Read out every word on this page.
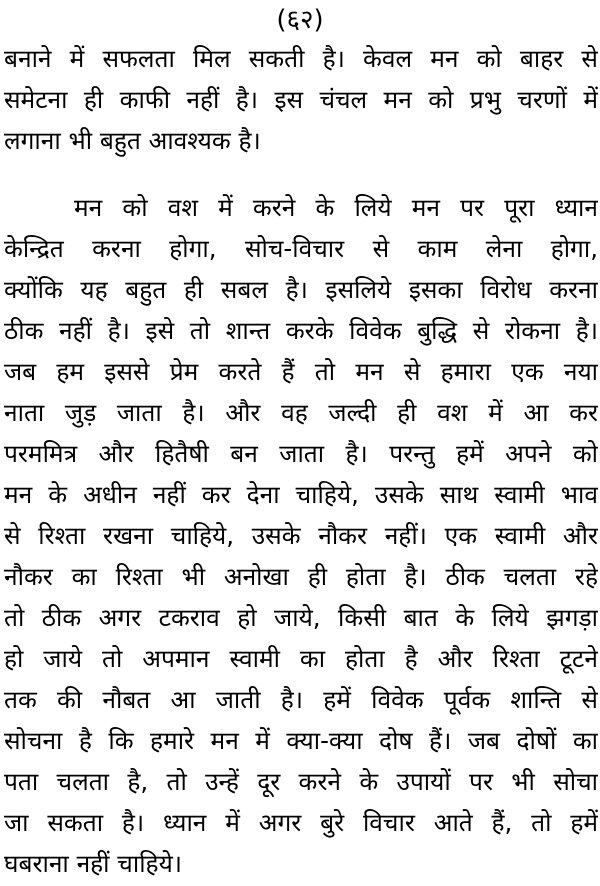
(६२)
बनाने में सफलता मिल सकती है। केवल मन को बाहर से
समेटना ही काफी नहीं है। इस चंचल मन को प्रभु चरणों में
लगाना भी बहुत आवश्यक है।
मन को वश में करने के लिये मन पर पूरा ध्यान
केन्द्रित करना होगा, सोच-विचार से काम लेना होगा,
क्योंकि यह बहुत ही सबल है। इसलिये इसका विरोध करना
ठीक नहीं है। इसे तो शान्त करके विवेक बुद्धि से रोकना है।
जब हम इससे प्रेम करते हैं तो मन से हमारा एक नया
नाता जुड़ जाता है। और वह जल्दी ही वश में आ कर
परममित्र और हितैषी बन जाता है। परन्तु हमें अपने को
मन के अधीन नहीं कर देना चाहिये, उसके साथ स्वामी भाव
से रिश्ता रखना चाहिये, उसके नौकर नहीं। एक स्वामी और
नौकर का रिश्ता भी अनोखा ही होता है। ठीक चलता रहे
तो ठीक अगर टकराव हो जाये, किसी बात के लिये झगड़ा
हो जाये तो अपमान स्वामी का होता है और रिश्ता टूटने
तक की नौबत आ जाती है। हमें विवेक पूर्वक शान्ति से
सोचना है कि हमारे मन में क्या-क्या दोष हैं। जब दोषों का
पता चलता है, तो उन्हें दूर करने के उपायों पर भी सोचा
जा सकता है। ध्यान में अगर बुरे विचार आते हैं, तो हमें
घबराना नहीं चाहिये।
